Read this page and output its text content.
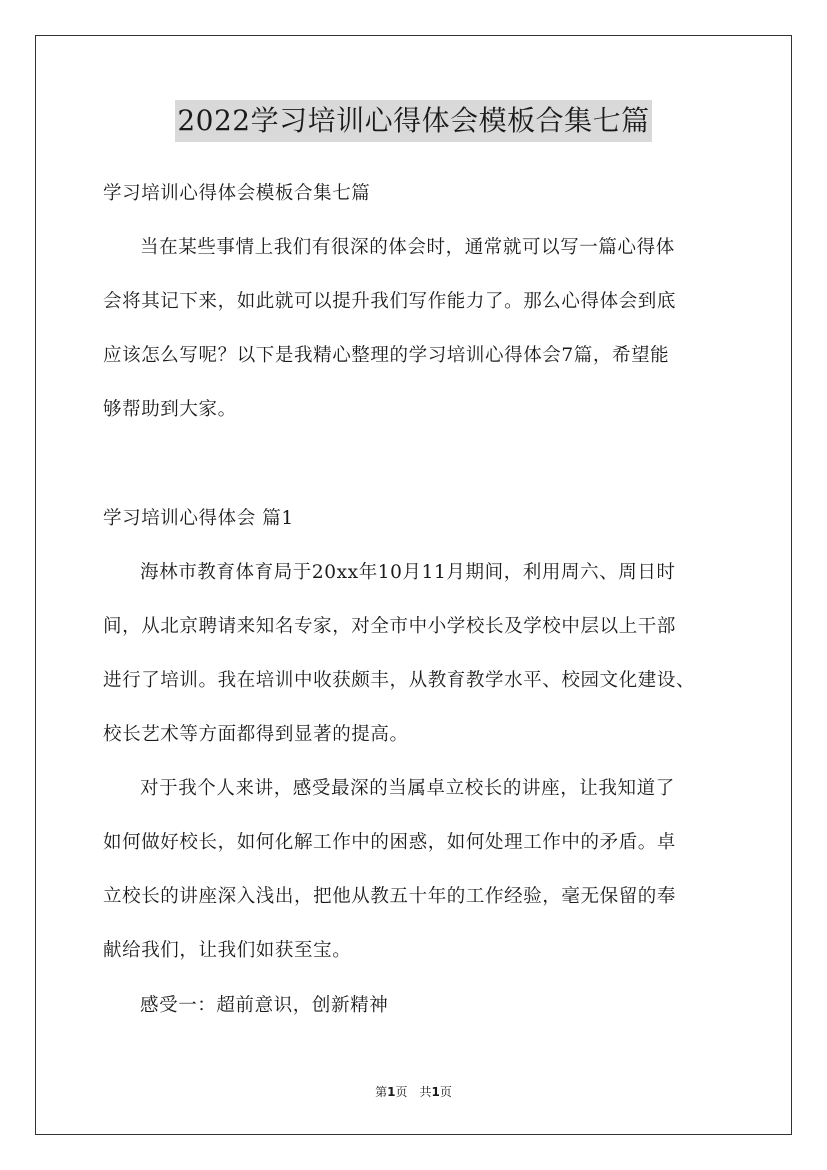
2022学习培训心得体会模板合集七篇
学习培训心得体会模板合集七篇
当在某些事情上我们有很深的体会时，通常就可以写一篇心得体
会将其记下来，如此就可以提升我们写作能力了。那么心得体会到底
应该怎么写呢？以下是我精心整理的学习培训心得体会7篇，希望能
够帮助到大家。
学习培训心得体会 篇1
海林市教育体育局于20xx年10月11月期间，利用周六、周日时
间，从北京聘请来知名专家，对全市中小学校长及学校中层以上干部
进行了培训。我在培训中收获颇丰，从教育教学水平、校园文化建设、
校长艺术等方面都得到显著的提高。
对于我个人来讲，感受最深的当属卓立校长的讲座，让我知道了
如何做好校长，如何化解工作中的困惑，如何处理工作中的矛盾。卓
立校长的讲座深入浅出，把他从教五十年的工作经验，毫无保留的奉
献给我们，让我们如获至宝。
感受一：超前意识，创新精神
第1页　共1页
